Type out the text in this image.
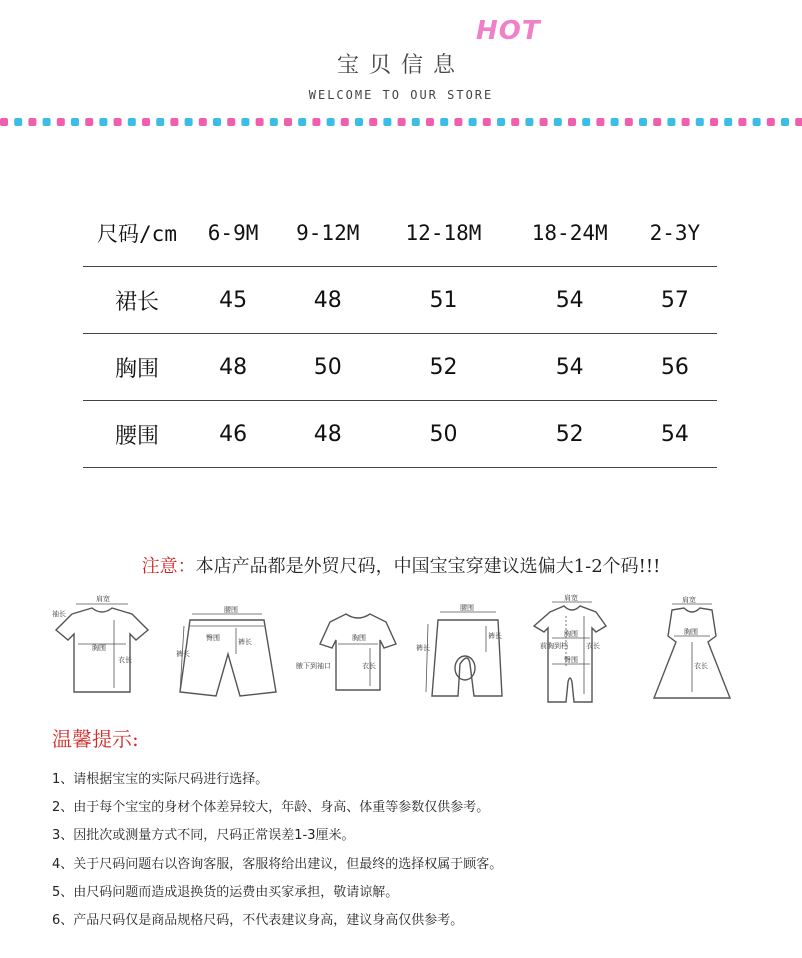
宝贝信息
HOT
WELCOME TO OUR STORE
尺码/cm	6-9M	9-12M	12-18M	18-24M	2-3Y
裙长	45	48	51	54	57
胸围	48	50	52	54	56
腰围	46	48	50	52	54
注意：本店产品都是外贸尺码，中国宝宝穿建议选偏大1-2个码!!!
肩宽
袖长
胸围
衣长
腰围
臀围	裤长
裤长
胸围
腋下到袖口	衣长
腰围
裤长
裤长
肩宽
前胸到档	衣长
胸围
臀围
肩宽
胸围
衣长
温馨提示:
1、请根据宝宝的实际尺码进行选择。
2、由于每个宝宝的身材个体差异较大，年龄、身高、体重等参数仅供参考。
3、因批次或测量方式不同，尺码正常误差1-3厘米。
4、关于尺码问题右以咨询客服，客服将给出建议，但最终的选择权属于顾客。
5、由尺码问题而造成退换货的运费由买家承担，敬请谅解。
6、产品尺码仅是商品规格尺码，不代表建议身高，建议身高仅供参考。
